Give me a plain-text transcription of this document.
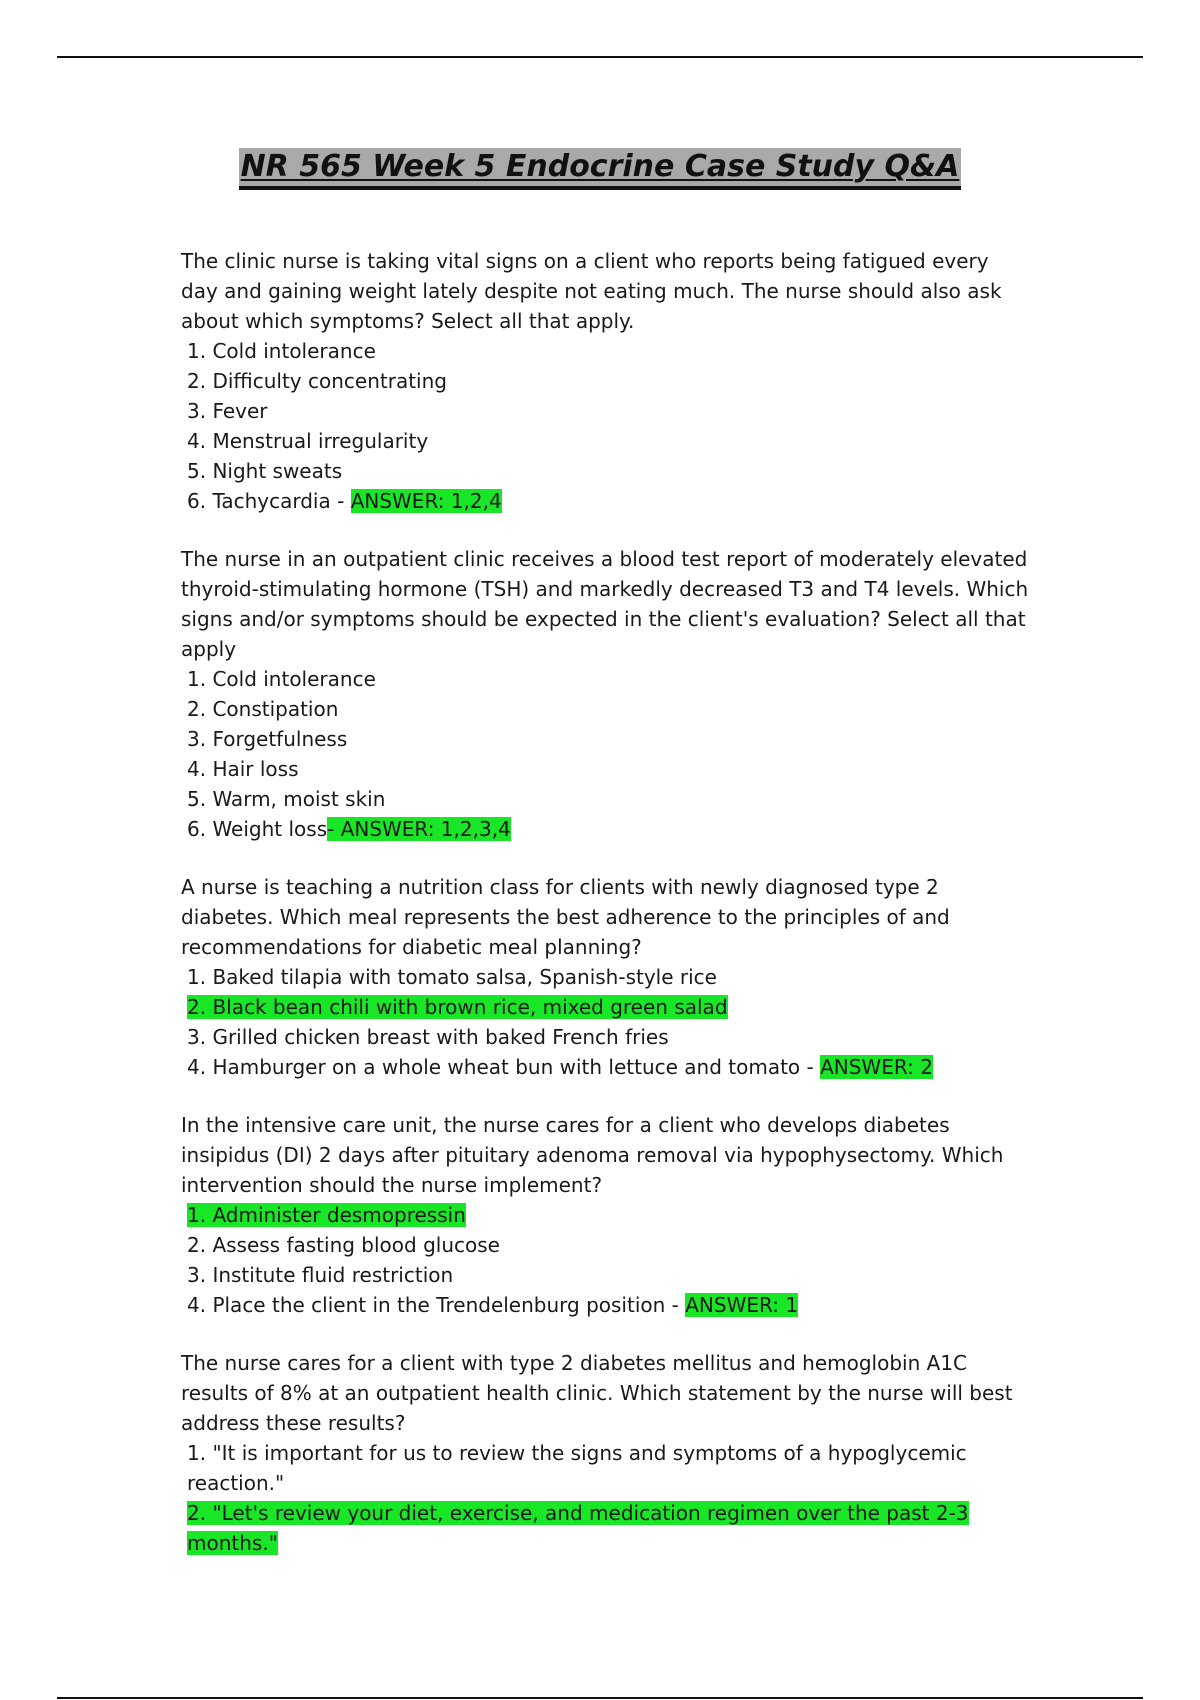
NR 565 Week 5 Endocrine Case Study Q&A

The clinic nurse is taking vital signs on a client who reports being fatigued every day and gaining weight lately despite not eating much. The nurse should also ask about which symptoms? Select all that apply.

1. Cold intolerance
2. Difficulty concentrating
3. Fever
4. Menstrual irregularity
5. Night sweats
6. Tachycardia - ANSWER: 1,2,4

The nurse in an outpatient clinic receives a blood test report of moderately elevated thyroid-stimulating hormone (TSH) and markedly decreased T3 and T4 levels. Which signs and/or symptoms should be expected in the client's evaluation? Select all that apply

1. Cold intolerance
2. Constipation
3. Forgetfulness
4. Hair loss
5. Warm, moist skin
6. Weight loss- ANSWER: 1,2,3,4

A nurse is teaching a nutrition class for clients with newly diagnosed type 2 diabetes. Which meal represents the best adherence to the principles of and recommendations for diabetic meal planning?

1. Baked tilapia with tomato salsa, Spanish-style rice
2. Black bean chili with brown rice, mixed green salad
3. Grilled chicken breast with baked French fries
4. Hamburger on a whole wheat bun with lettuce and tomato - ANSWER: 2

In the intensive care unit, the nurse cares for a client who develops diabetes insipidus (DI) 2 days after pituitary adenoma removal via hypophysectomy. Which intervention should the nurse implement?

1. Administer desmopressin
2. Assess fasting blood glucose
3. Institute fluid restriction
4. Place the client in the Trendelenburg position - ANSWER: 1

The nurse cares for a client with type 2 diabetes mellitus and hemoglobin A1C results of 8% at an outpatient health clinic. Which statement by the nurse will best address these results?

1. "It is important for us to review the signs and symptoms of a hypoglycemic reaction."
2. "Let's review your diet, exercise, and medication regimen over the past 2-3 months."
